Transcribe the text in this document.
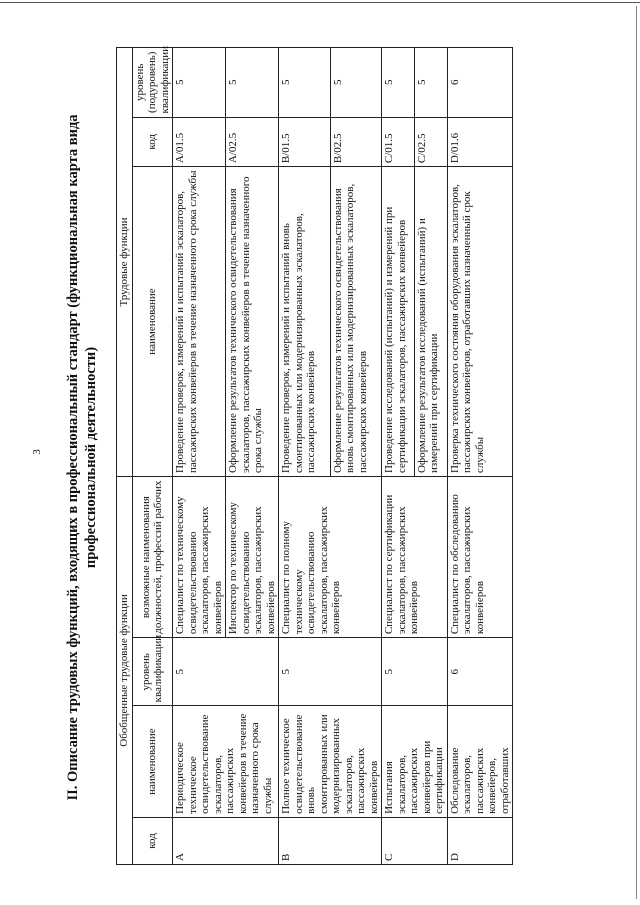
3 II. Описание трудовых функций, входящих в профессиональный стандарт (функциональная карта вида профессиональной деятельности)
Обобщенные трудовые функции				Трудовые функции		
код	наименование	уровень квалификации	возможные наименования должностей, профессий рабочих	наименование	код	уровень (подуровень) квалификации
A	Периодическое техническое освидетельствование эскалаторов, пассажирских конвейеров в течение назначенного срока службы	5	Специалист по техническому освидетельствованию эскалаторов, пассажирских конвейеров	Проведение проверок, измерений и испытаний эскалаторов, пассажирских конвейеров в течение назначенного срока службы	A/01.5	5
			Инспектор по техническому освидетельствованию эскалаторов, пассажирских конвейеров	Оформление результатов технического освидетельствования эскалаторов, пассажирских конвейеров в течение назначенного срока службы	A/02.5	5
B	Полное техническое освидетельствование вновь смонтированных или модернизированных эскалаторов, пассажирских конвейеров	5	Специалист по полному техническому освидетельствованию эскалаторов, пассажирских конвейеров	Проведение проверок, измерений и испытаний вновь смонтированных или модернизированных эскалаторов, пассажирских конвейеров	B/01.5	5
				Оформление результатов технического освидетельствования вновь смонтированных или модернизированных эскалаторов, пассажирских конвейеров	B/02.5	5
C	Испытания эскалаторов, пассажирских конвейеров при сертификации	5	Специалист по сертификации эскалаторов, пассажирских конвейеров	Проведение исследований (испытаний) и измерений при сертификации эскалаторов, пассажирских конвейеров	C/01.5	5
				Оформление результатов исследований (испытаний) и измерений при сертификации	C/02.5	5
D	Обследование эскалаторов, пассажирских конвейеров, отработавших	6	Специалист по обследованию эскалаторов, пассажирских конвейеров	Проверка технического состояния оборудования эскалаторов, пассажирских конвейеров, отработавших назначенный срок службы	D/01.6	6
